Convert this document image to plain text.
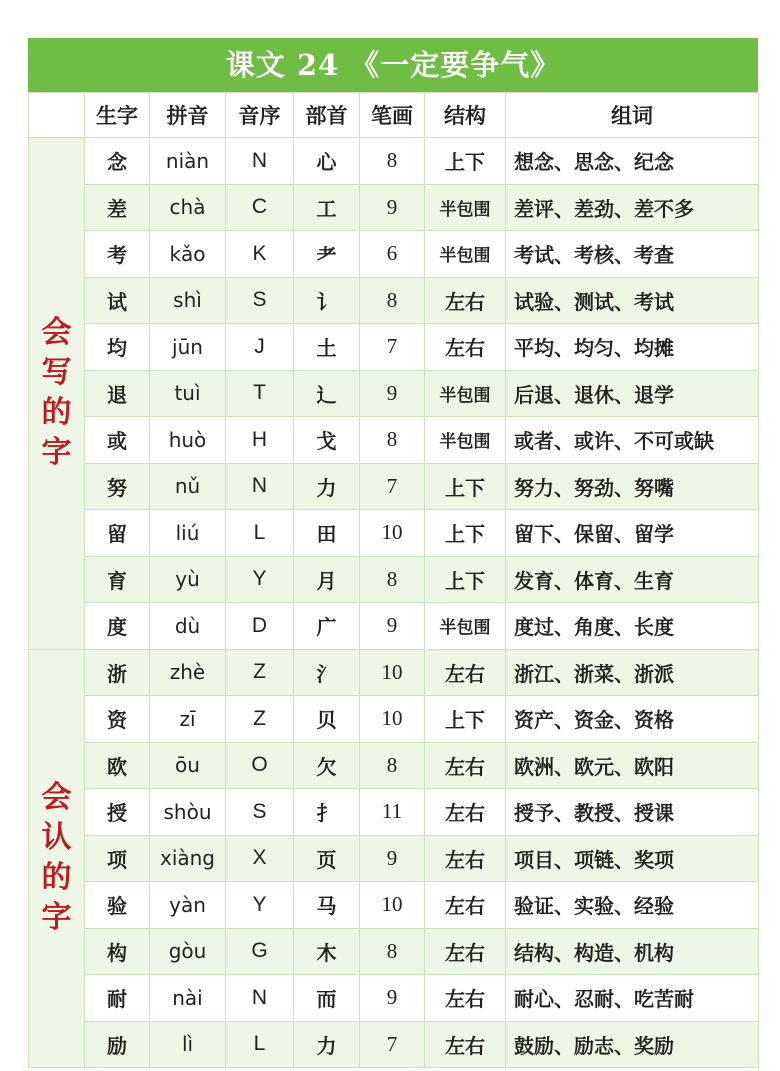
课文 24 《一定要争气》
	生字	拼音	音序	部首	笔画	结构	组词

会写的字	念	niàn	N	心	8	上下	想念、思念、纪念
	差	chà	C	工	9	半包围	差评、差劲、差不多
	考	kǎo	K	耂	6	半包围	考试、考核、考查
	试	shì	S	讠	8	左右	试验、测试、考试
	均	jūn	J	土	7	左右	平均、均匀、均摊
	退	tuì	T	辶	9	半包围	后退、退休、退学
	或	huò	H	戈	8	半包围	或者、或许、不可或缺
	努	nǔ	N	力	7	上下	努力、努劲、努嘴
	留	liú	L	田	10	上下	留下、保留、留学
	育	yù	Y	月	8	上下	发育、体育、生育
	度	dù	D	广	9	半包围	度过、角度、长度

会认的字	浙	zhè	Z	氵	10	左右	浙江、浙菜、浙派
	资	zī	Z	贝	10	上下	资产、资金、资格
	欧	ōu	O	欠	8	左右	欧洲、欧元、欧阳
	授	shòu	S	扌	11	左右	授予、教授、授课
	项	xiàng	X	页	9	左右	项目、项链、奖项
	验	yàn	Y	马	10	左右	验证、实验、经验
	构	gòu	G	木	8	左右	结构、构造、机构
	耐	nài	N	而	9	左右	耐心、忍耐、吃苦耐
	励	lì	L	力	7	左右	鼓励、励志、奖励
